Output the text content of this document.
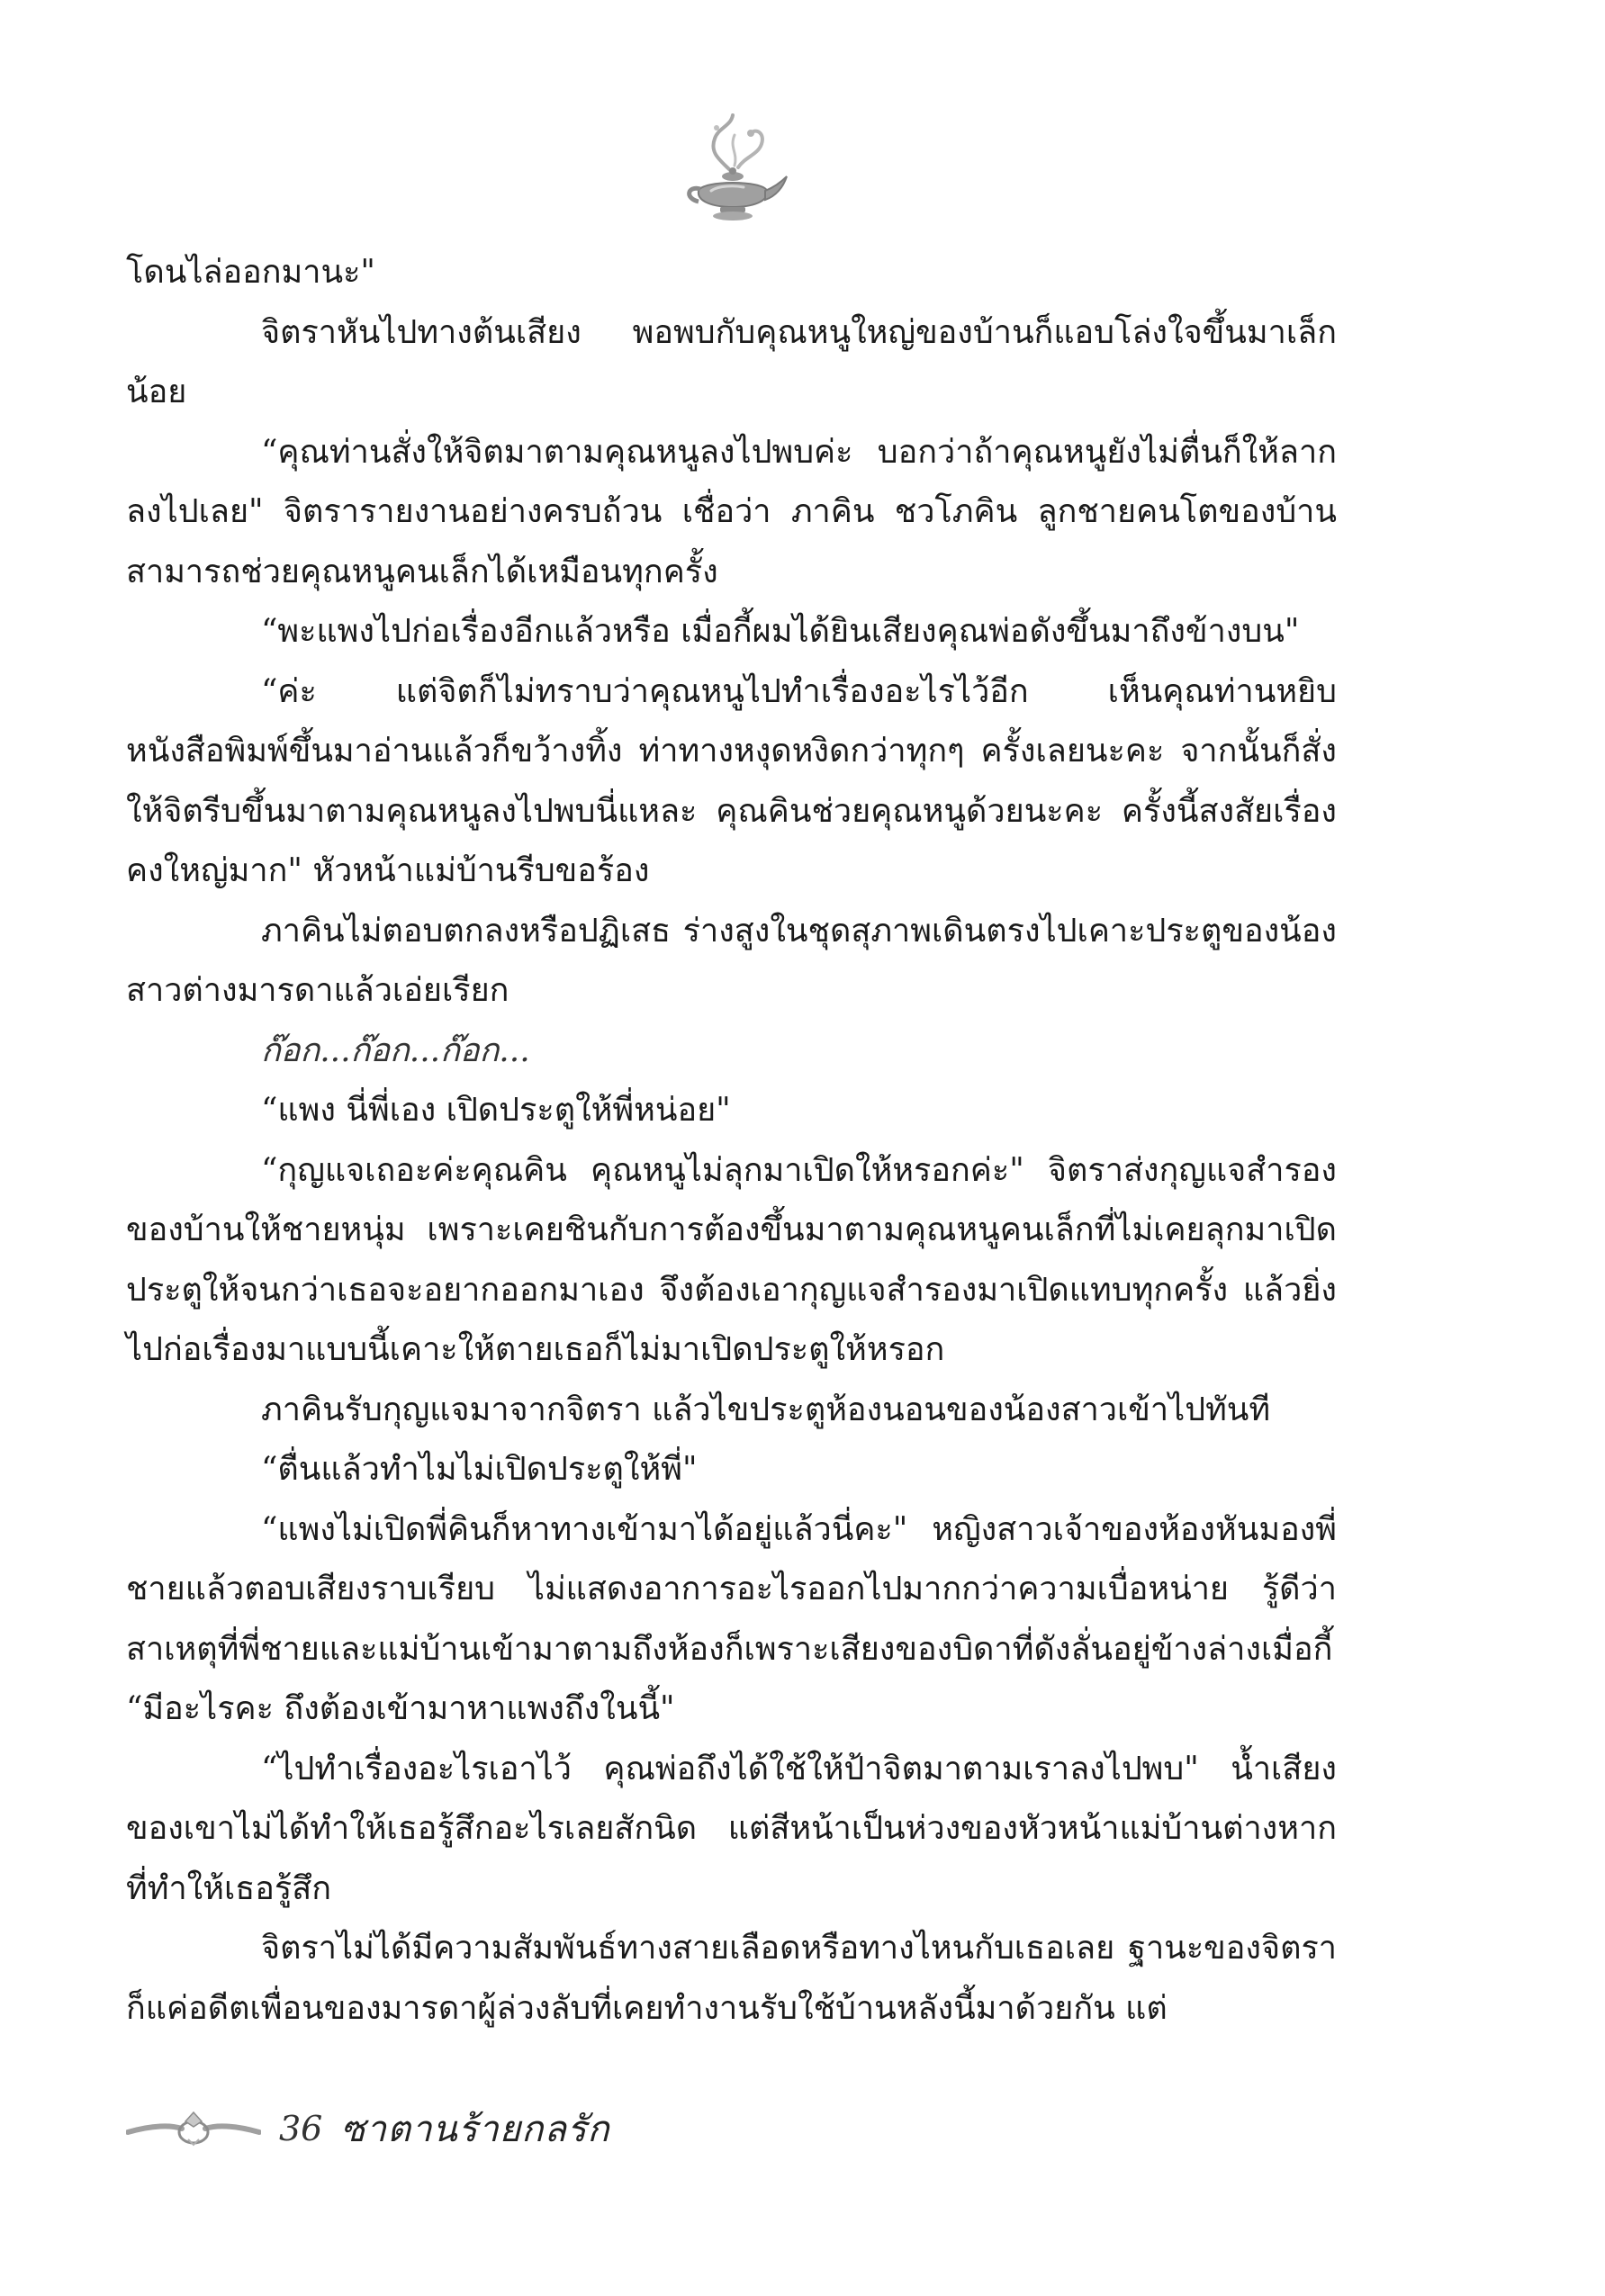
โดนไล่ออกมานะ"

จิตราหันไปทางต้นเสียง พอพบกับคุณหนูใหญ่ของบ้านก็แอบโล่งใจขึ้นมาเล็กน้อย

“คุณท่านสั่งให้จิตมาตามคุณหนูลงไปพบค่ะ บอกว่าถ้าคุณหนูยังไม่ตื่นก็ให้ลากลงไปเลย" จิตรารายงานอย่างครบถ้วน เชื่อว่า ภาคิน ชวโภคิน ลูกชายคนโตของบ้านสามารถช่วยคุณหนูคนเล็กได้เหมือนทุกครั้ง

“พะแพงไปก่อเรื่องอีกแล้วหรือ เมื่อกี้ผมได้ยินเสียงคุณพ่อดังขึ้นมาถึงข้างบน"

“ค่ะ แต่จิตก็ไม่ทราบว่าคุณหนูไปทำเรื่องอะไรไว้อีก เห็นคุณท่านหยิบหนังสือพิมพ์ขึ้นมาอ่านแล้วก็ขว้างทิ้ง ท่าทางหงุดหงิดกว่าทุกๆ ครั้งเลยนะคะ จากนั้นก็สั่งให้จิตรีบขึ้นมาตามคุณหนูลงไปพบนี่แหละ คุณคินช่วยคุณหนูด้วยนะคะ ครั้งนี้สงสัยเรื่องคงใหญ่มาก" หัวหน้าแม่บ้านรีบขอร้อง

ภาคินไม่ตอบตกลงหรือปฏิเสธ ร่างสูงในชุดสุภาพเดินตรงไปเคาะประตูของน้องสาวต่างมารดาแล้วเอ่ยเรียก

ก๊อก...ก๊อก...ก๊อก...

“แพง นี่พี่เอง เปิดประตูให้พี่หน่อย"

“กุญแจเถอะค่ะคุณคิน คุณหนูไม่ลุกมาเปิดให้หรอกค่ะ" จิตราส่งกุญแจสำรองของบ้านให้ชายหนุ่ม เพราะเคยชินกับการต้องขึ้นมาตามคุณหนูคนเล็กที่ไม่เคยลุกมาเปิดประตูให้จนกว่าเธอจะอยากออกมาเอง จึงต้องเอากุญแจสำรองมาเปิดแทบทุกครั้ง แล้วยิ่งไปก่อเรื่องมาแบบนี้เคาะให้ตายเธอก็ไม่มาเปิดประตูให้หรอก

ภาคินรับกุญแจมาจากจิตรา แล้วไขประตูห้องนอนของน้องสาวเข้าไปทันที

“ตื่นแล้วทำไมไม่เปิดประตูให้พี่"

“แพงไม่เปิดพี่คินก็หาทางเข้ามาได้อยู่แล้วนี่คะ" หญิงสาวเจ้าของห้องหันมองพี่ชายแล้วตอบเสียงราบเรียบ ไม่แสดงอาการอะไรออกไปมากกว่าความเบื่อหน่าย รู้ดีว่าสาเหตุที่พี่ชายและแม่บ้านเข้ามาตามถึงห้องก็เพราะเสียงของบิดาที่ดังลั่นอยู่ข้างล่างเมื่อกี้ “มีอะไรคะ ถึงต้องเข้ามาหาแพงถึงในนี้"

“ไปทำเรื่องอะไรเอาไว้ คุณพ่อถึงได้ใช้ให้ป้าจิตมาตามเราลงไปพบ" น้ำเสียงของเขาไม่ได้ทำให้เธอรู้สึกอะไรเลยสักนิด แต่สีหน้าเป็นห่วงของหัวหน้าแม่บ้านต่างหากที่ทำให้เธอรู้สึก

จิตราไม่ได้มีความสัมพันธ์ทางสายเลือดหรือทางไหนกับเธอเลย ฐานะของจิตราก็แค่อดีตเพื่อนของมารดาผู้ล่วงลับที่เคยทำงานรับใช้บ้านหลังนี้มาด้วยกัน แต่

36 ซาตานร้ายกลรัก
